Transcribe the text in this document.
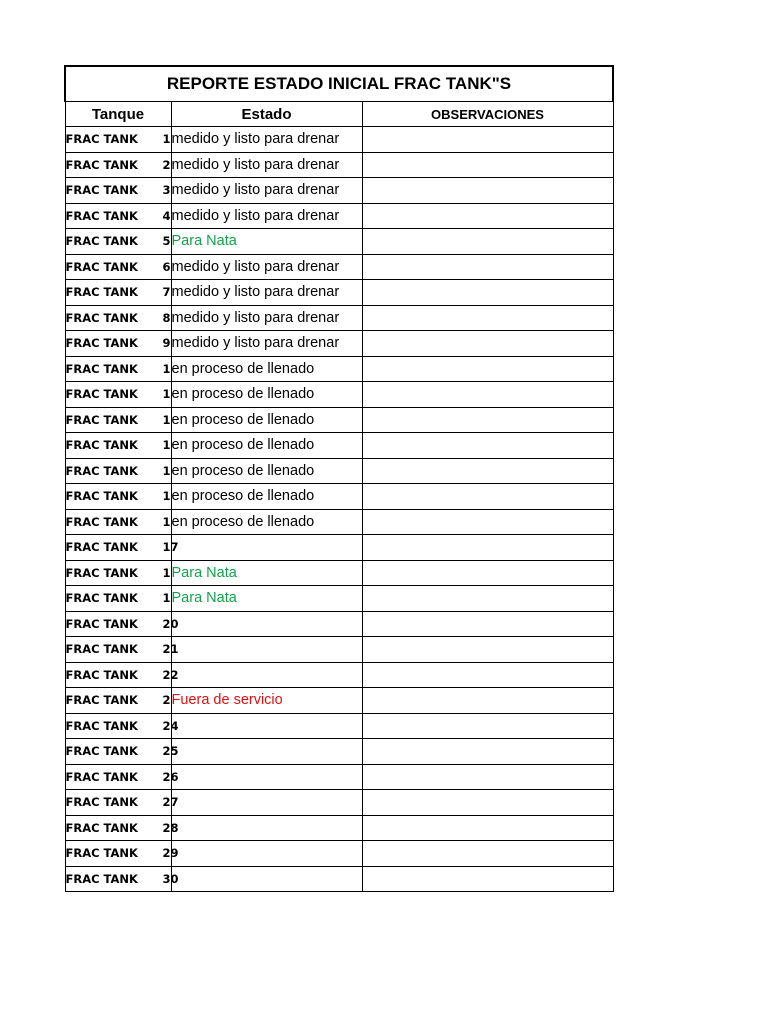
REPORTE ESTADO INICIAL FRAC TANK"S		
Tanque	Estado	OBSERVACIONES
FRAC TANK 1	medido y listo para drenar	
FRAC TANK 2	medido y listo para drenar	
FRAC TANK 3	medido y listo para drenar	
FRAC TANK 4	medido y listo para drenar	
FRAC TANK 5	Para Nata	
FRAC TANK 6	medido y listo para drenar	
FRAC TANK 7	medido y listo para drenar	
FRAC TANK 8	medido y listo para drenar	
FRAC TANK 9	medido y listo para drenar	
FRAC TANK 1	en proceso de llenado	
FRAC TANK 1	en proceso de llenado	
FRAC TANK 1	en proceso de llenado	
FRAC TANK 1	en proceso de llenado	
FRAC TANK 1	en proceso de llenado	
FRAC TANK 1	en proceso de llenado	
FRAC TANK 1	en proceso de llenado	
FRAC TANK 17		

FRAC TANK 1	Para Nata	
FRAC TANK 1	Para Nata	
FRAC TANK 20		

FRAC TANK 21		

FRAC TANK 22		

FRAC TANK 2	Fuera de servicio	
FRAC TANK 24		

FRAC TANK 25		

FRAC TANK 26		

FRAC TANK 27		

FRAC TANK 28		

FRAC TANK 29		

FRAC TANK 30		
